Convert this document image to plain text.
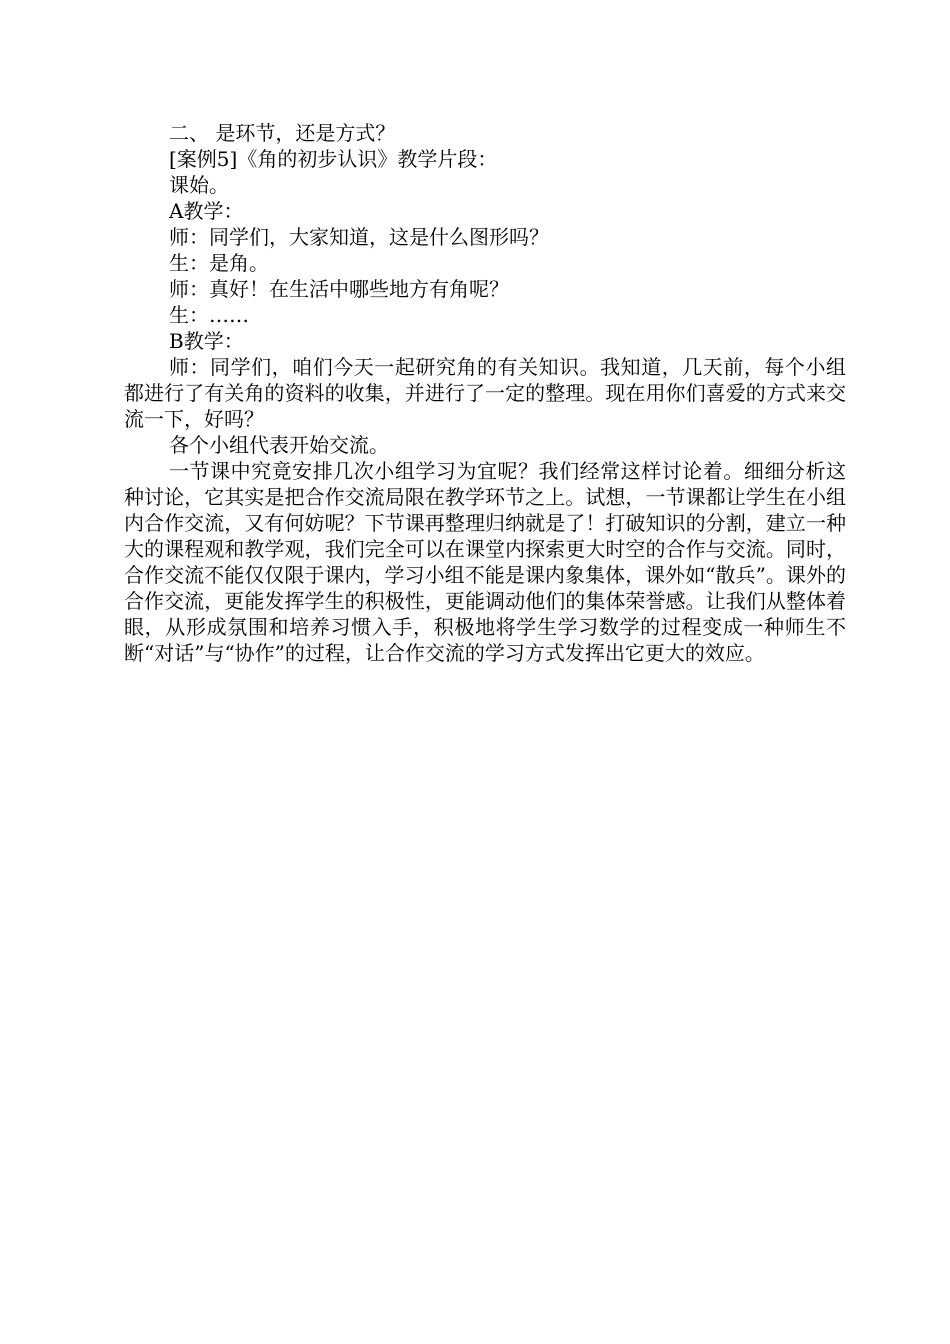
二、 是环节，还是方式？

[案例5]《角的初步认识》教学片段：

课始。

A教学：

师：同学们，大家知道，这是什么图形吗？

生：是角。

师：真好！在生活中哪些地方有角呢？

生：……

B教学：

师：同学们，咱们今天一起研究角的有关知识。我知道，几天前，每个小组都进行了有关角的资料的收集，并进行了一定的整理。现在用你们喜爱的方式来交流一下，好吗？

各个小组代表开始交流。

一节课中究竟安排几次小组学习为宜呢？我们经常这样讨论着。细细分析这种讨论，它其实是把合作交流局限在教学环节之上。试想，一节课都让学生在小组内合作交流，又有何妨呢？下节课再整理归纳就是了！打破知识的分割，建立一种大的课程观和教学观，我们完全可以在课堂内探索更大时空的合作与交流。同时，合作交流不能仅仅限于课内，学习小组不能是课内象集体，课外如“散兵”。课外的合作交流，更能发挥学生的积极性，更能调动他们的集体荣誉感。让我们从整体着眼，从形成氛围和培养习惯入手，积极地将学生学习数学的过程变成一种师生不断“对话”与“协作”的过程，让合作交流的学习方式发挥出它更大的效应。
